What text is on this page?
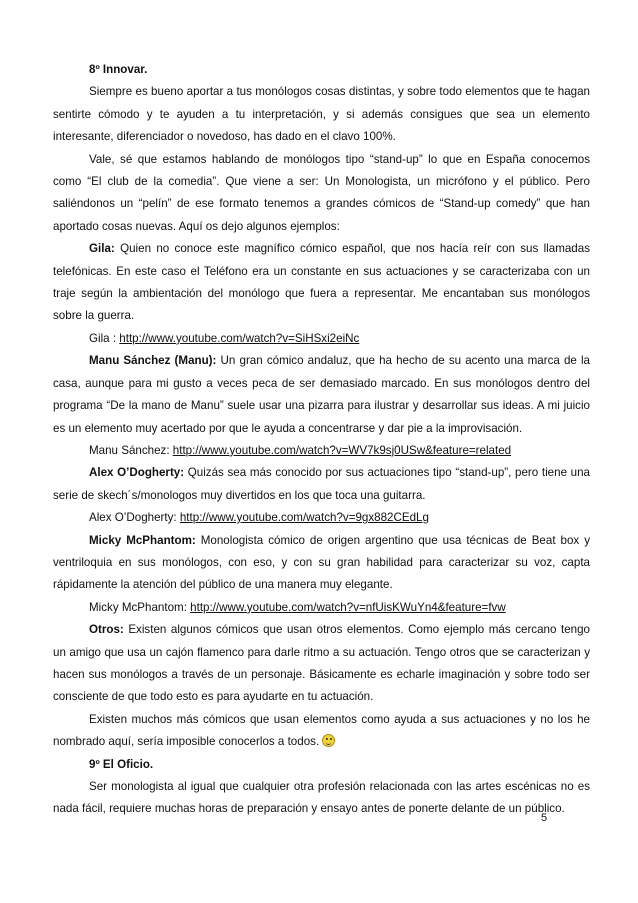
8º Innovar.

Siempre es bueno aportar a tus monólogos cosas distintas, y sobre todo elementos que te hagan sentirte cómodo y te ayuden a tu interpretación, y si además consigues que sea un elemento interesante, diferenciador o novedoso, has dado en el clavo 100%.

Vale, sé que estamos hablando de monólogos tipo “stand-up” lo que en España conocemos como “El club de la comedia”. Que viene a ser: Un Monologista, un micrófono y el público. Pero saliéndonos un “pelín” de ese formato tenemos a grandes cómicos de “Stand-up comedy” que han aportado cosas nuevas. Aquí os dejo algunos ejemplos:

Gila: Quien no conoce este magnífico cómico español, que nos hacía reír con sus llamadas telefónicas. En este caso el Teléfono era un constante en sus actuaciones y se caracterizaba con un traje según la ambientación del monólogo que fuera a representar. Me encantaban sus monólogos sobre la guerra.

Gila : http://www.youtube.com/watch?v=SiHSxi2eiNc

Manu Sánchez (Manu): Un gran cómico andaluz, que ha hecho de su acento una marca de la casa, aunque para mi gusto a veces peca de ser demasiado marcado. En sus monólogos dentro del programa “De la mano de Manu” suele usar una pizarra para ilustrar y desarrollar sus ideas. A mi juicio es un elemento muy acertado por que le ayuda a concentrarse y dar pie a la improvisación.

Manu Sánchez: http://www.youtube.com/watch?v=WV7k9sj0USw&feature=related

Alex O’Dogherty: Quizás sea más conocido por sus actuaciones tipo “stand-up”, pero tiene una serie de skech´s/monologos muy divertidos en los que toca una guitarra.

Alex O’Dogherty: http://www.youtube.com/watch?v=9gx882CEdLg

Micky McPhantom: Monologista cómico de origen argentino que usa técnicas de Beat box y ventriloquia en sus monólogos, con eso, y con su gran habilidad para caracterizar su voz, capta rápidamente la atención del público de una manera muy elegante.

Micky McPhantom: http://www.youtube.com/watch?v=nfUisKWuYn4&feature=fvw

Otros: Existen algunos cómicos que usan otros elementos. Como ejemplo más cercano tengo un amigo que usa un cajón flamenco para darle ritmo a su actuación. Tengo otros que se caracterizan y hacen sus monólogos a través de un personaje. Básicamente es echarle imaginación y sobre todo ser consciente de que todo esto es para ayudarte en tu actuación.

Existen muchos más cómicos que usan elementos como ayuda a sus actuaciones y no los he nombrado aquí, sería imposible conocerlos a todos.

9º El Oficio.

Ser monologista al igual que cualquier otra profesión relacionada con las artes escénicas no es nada fácil, requiere muchas horas de preparación y ensayo antes de ponerte delante de un público.

5
